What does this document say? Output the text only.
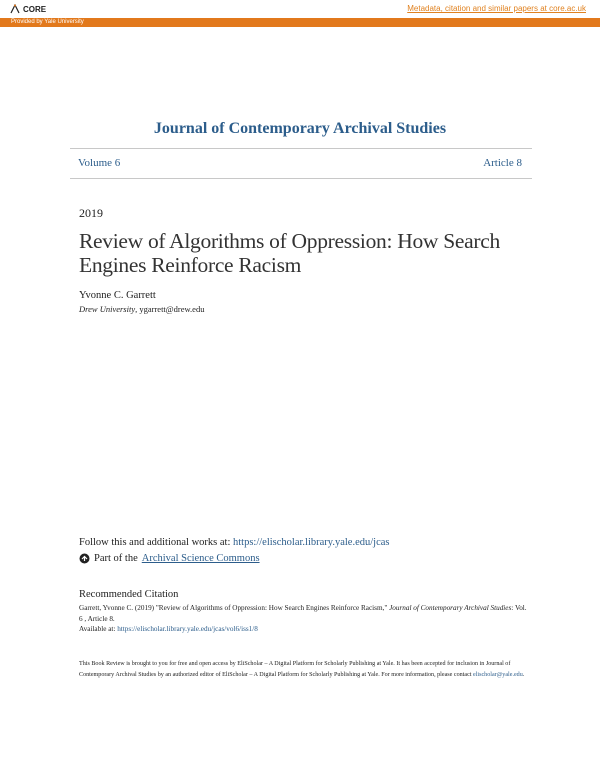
CORE	Metadata, citation and similar papers at core.ac.uk
Provided by Yale University
Journal of Contemporary Archival Studies
Volume 6	Article 8
2019
Review of Algorithms of Oppression: How Search Engines Reinforce Racism
Yvonne C. Garrett
Drew University, ygarrett@drew.edu
Follow this and additional works at: https://elischolar.library.yale.edu/jcas
Part of the Archival Science Commons
Recommended Citation
Garrett, Yvonne C. (2019) "Review of Algorithms of Oppression: How Search Engines Reinforce Racism," Journal of Contemporary Archival Studies: Vol. 6 , Article 8.
Available at: https://elischolar.library.yale.edu/jcas/vol6/iss1/8
This Book Review is brought to you for free and open access by EliScholar – A Digital Platform for Scholarly Publishing at Yale. It has been accepted for inclusion in Journal of Contemporary Archival Studies by an authorized editor of EliScholar – A Digital Platform for Scholarly Publishing at Yale. For more information, please contact elischolar@yale.edu.
